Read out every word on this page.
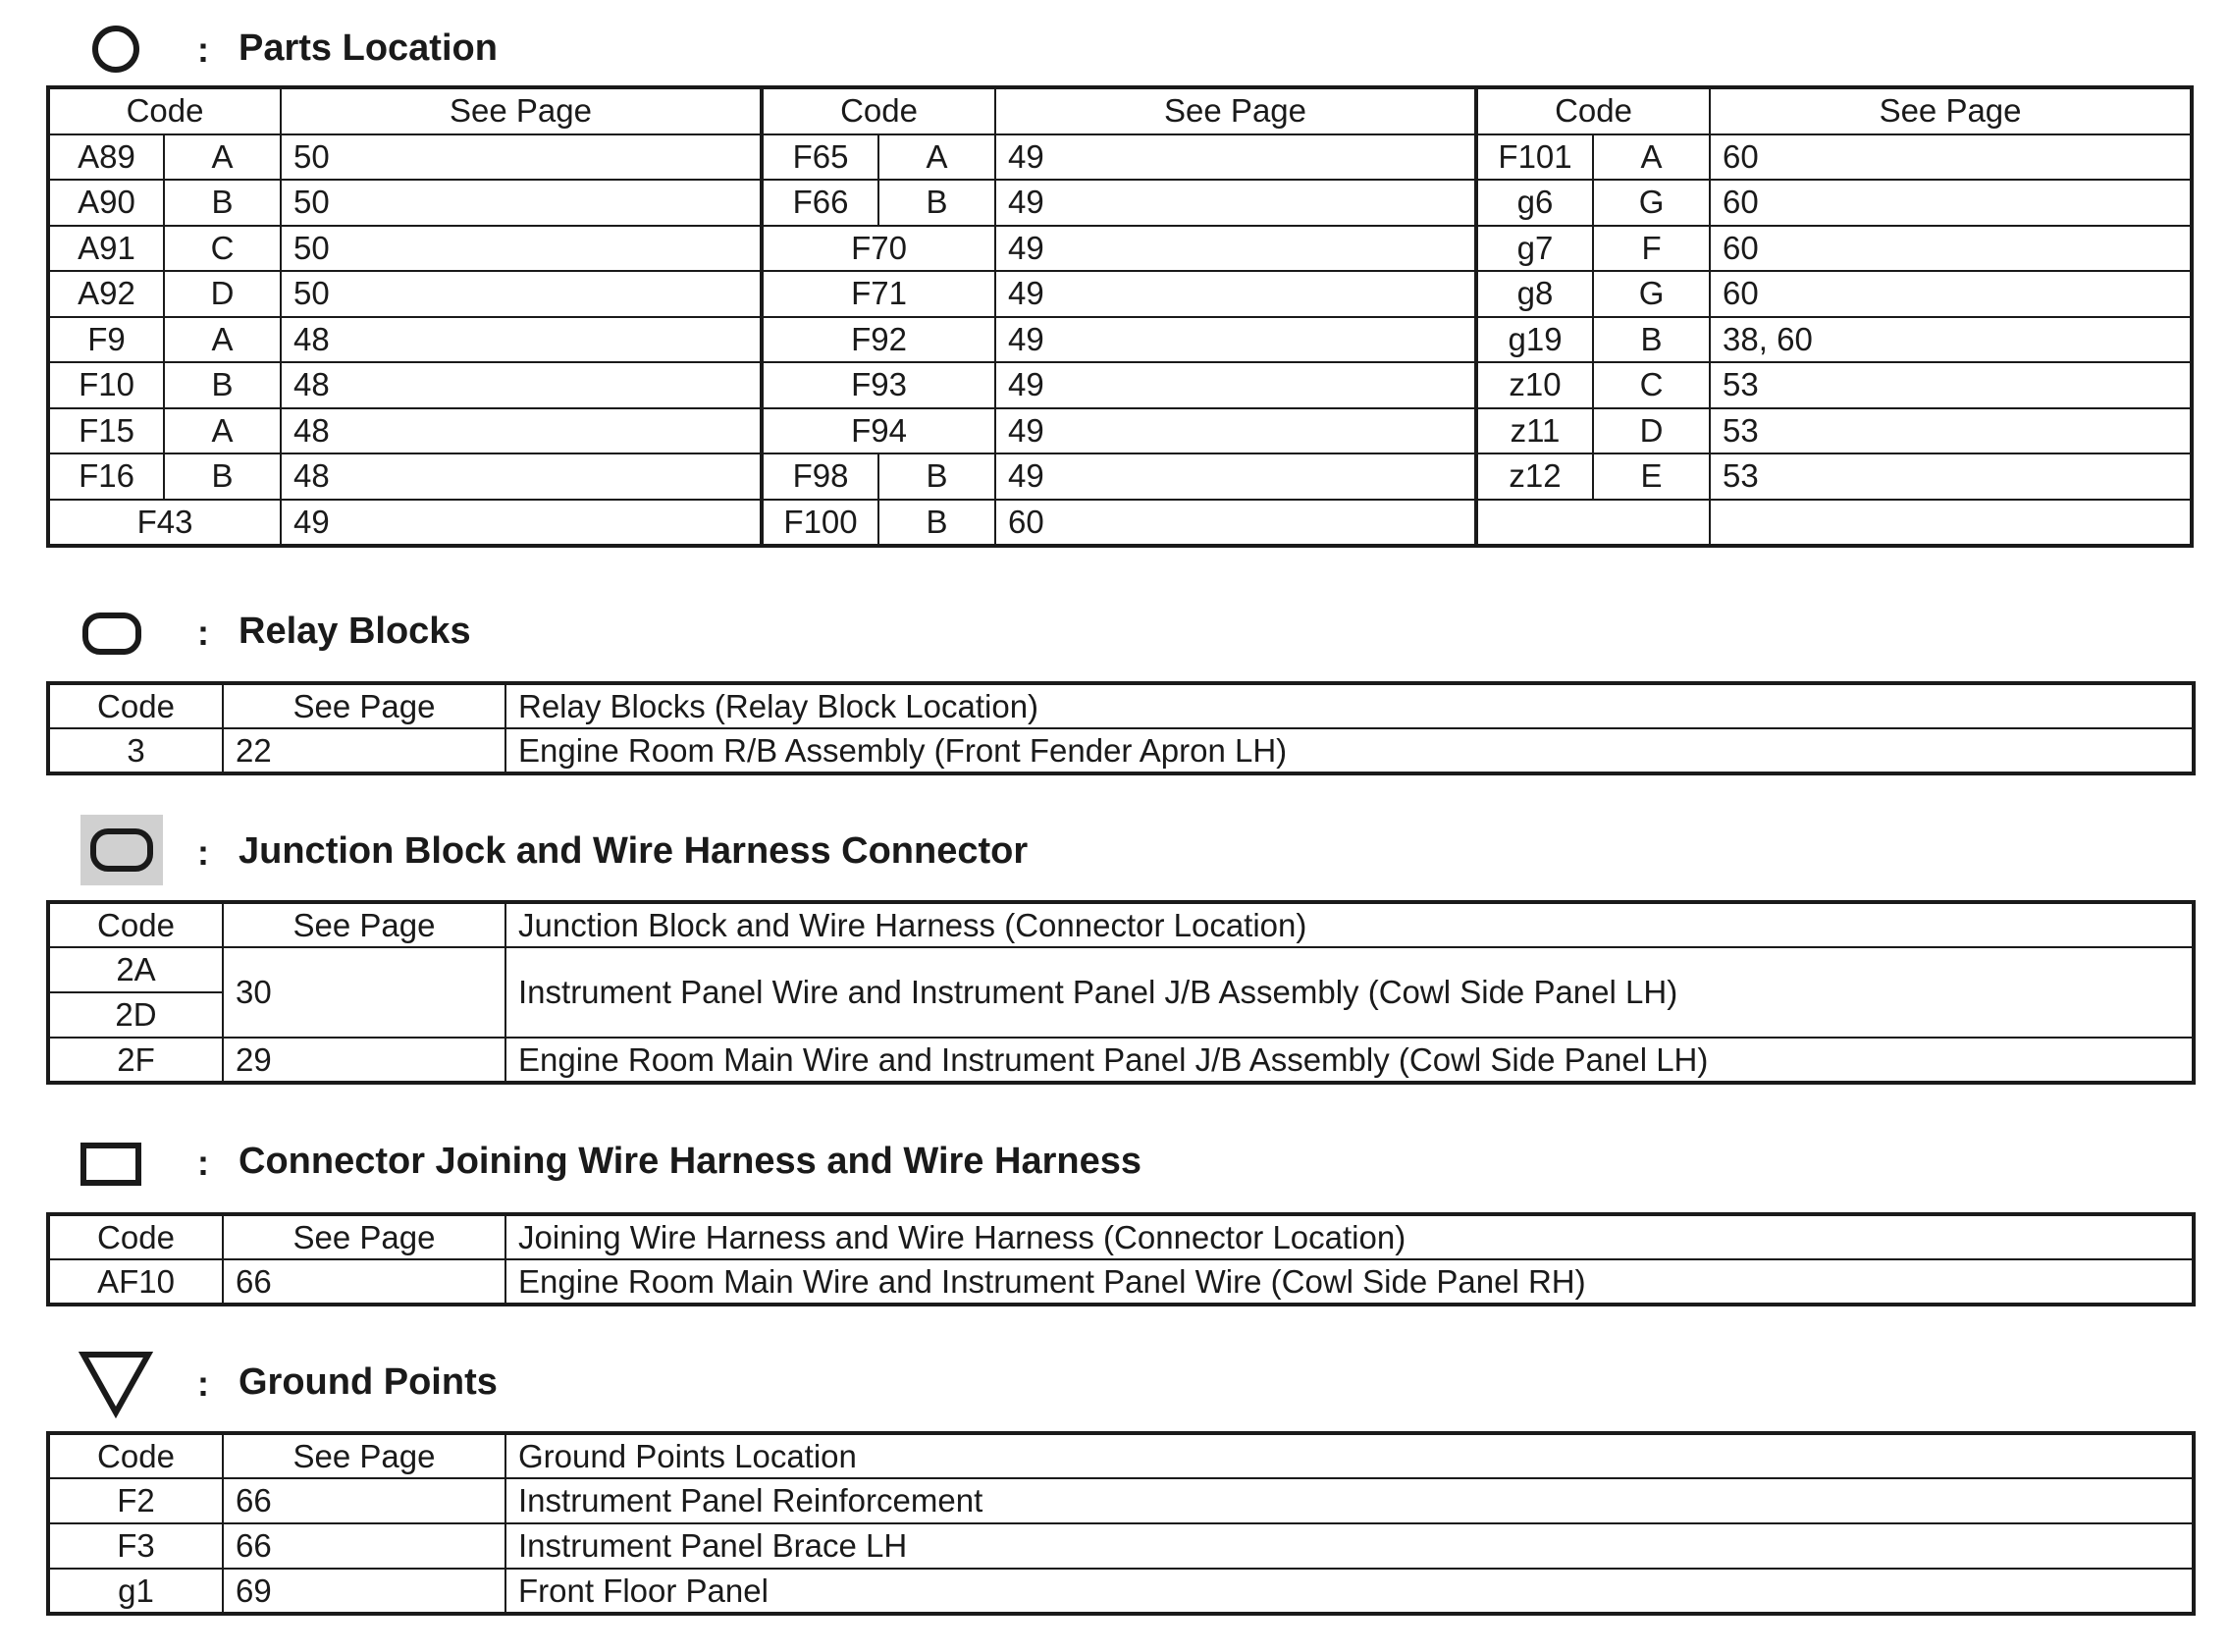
: Parts Location
Code		See Page	Code		See Page	Code		See Page
A89	A	50	F65	A	49	F101	A	60
A90	B	50	F66	B	49	g6	G	60
A91	C	50	F70		49	g7	F	60
A92	D	50	F71		49	g8	G	60
F9	A	48	F92		49	g19	B	38, 60
F10	B	48	F93		49	z10	C	53
F15	A	48	F94		49	z11	D	53
F16	B	48	F98	B	49	z12	E	53
F43		49	F100	B	60			
: Relay Blocks
Code	See Page	Relay Blocks (Relay Block Location)
3	22	Engine Room R/B Assembly (Front Fender Apron LH)
: Junction Block and Wire Harness Connector
Code	See Page	Junction Block and Wire Harness (Connector Location)
2A	30	Instrument Panel Wire and Instrument Panel J/B Assembly (Cowl Side Panel LH)
2D		
2F	29	Engine Room Main Wire and Instrument Panel J/B Assembly (Cowl Side Panel LH)
: Connector Joining Wire Harness and Wire Harness
Code	See Page	Joining Wire Harness and Wire Harness (Connector Location)
AF10	66	Engine Room Main Wire and Instrument Panel Wire (Cowl Side Panel RH)
: Ground Points
Code	See Page	Ground Points Location
F2	66	Instrument Panel Reinforcement
F3	66	Instrument Panel Brace LH
g1	69	Front Floor Panel
